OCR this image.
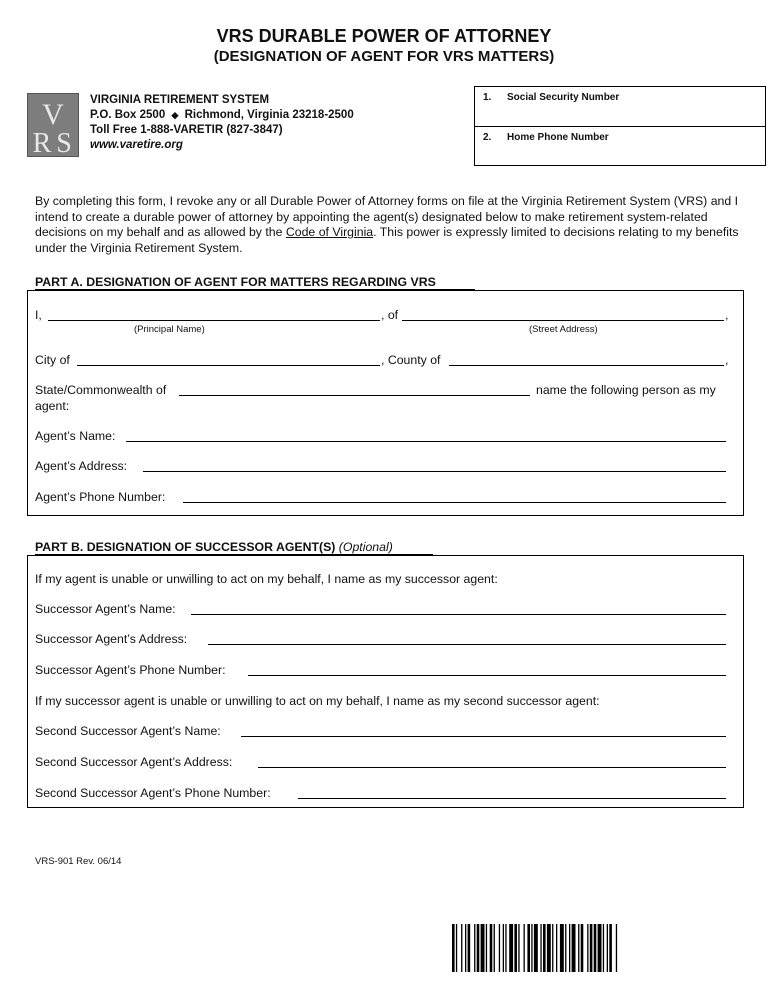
VRS DURABLE POWER OF ATTORNEY
(DESIGNATION OF AGENT FOR VRS MATTERS)
V
R S
VIRGINIA RETIREMENT SYSTEM
P.O. Box 2500 ◆ Richmond, Virginia 23218-2500
Toll Free 1-888-VARETIR (827-3847)
www.varetire.org
1. Social Security Number
2. Home Phone Number
By completing this form, I revoke any or all Durable Power of Attorney forms on file at the Virginia Retirement System (VRS) and I intend to create a durable power of attorney by appointing the agent(s) designated below to make retirement system-related decisions on my behalf and as allowed by the Code of Virginia. This power is expressly limited to decisions relating to my benefits under the Virginia Retirement System.
PART A. DESIGNATION OF AGENT FOR MATTERS REGARDING VRS
I,	, of	,
(Principal Name)	(Street Address)
City of	, County of	,
State/Commonwealth of	name the following person as my
agent:
Agent’s Name:
Agent’s Address:
Agent’s Phone Number:
PART B. DESIGNATION OF SUCCESSOR AGENT(S) (Optional)
If my agent is unable or unwilling to act on my behalf, I name as my successor agent:
Successor Agent’s Name:
Successor Agent’s Address:
Successor Agent’s Phone Number:
If my successor agent is unable or unwilling to act on my behalf, I name as my second successor agent:
Second Successor Agent’s Name:
Second Successor Agent’s Address:
Second Successor Agent’s Phone Number:
VRS-901 Rev. 06/14
